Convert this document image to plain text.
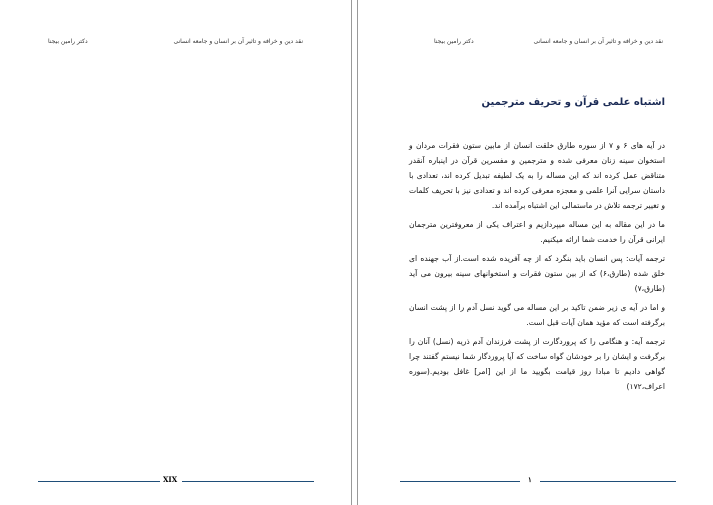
دکتر رامین بیجنا	نقد دین و خرافه و تاثیر آن بر انسان و جامعه انسانی
XIX
دکتر رامین بیجنا	نقد دین و خرافه و تاثیر آن بر انسان و جامعه انسانی
اشتباه علمی قرآن و تحریف مترجمین

در آیه های ۶ و ۷ از سوره طارق خلقت انسان از مابین ستون فقرات مردان و استخوان سینه زنان معرفی شده و مترجمین و مفسرین قرآن در اینباره آنقدر متناقض عمل کرده اند که این مساله را به یک لطیفه تبدیل کرده اند، تعدادی با داستان سرایی آنرا علمی و معجزه معرفی کرده اند و تعدادی نیز با تحریف کلمات و تغییر ترجمه تلاش در ماستمالی این اشتباه برآمده اند.

ما در این مقاله به این مساله میپردازیم و اعتراف یکی از معروفترین مترجمان ایرانی قرآن را خدمت شما ارائه میکنیم.

ترجمه آیات: پس انسان باید بنگرد که از چه آفریده شده است.از آب جهنده ای خلق شده (طارق،۶) که از بین ستون فقرات و استخوانهای سینه بیرون می آید (طارق،۷)

و اما در آیه ی زیر ضمن تاکید بر این مساله می گوید نسل آدم را از پشت انسان برگرفته است که مؤید همان آیات قبل است.

ترجمه آیه: و هنگامی را که پروردگارت از پشت فرزندان آدم ذریه (نسل) آنان را برگرفت و ایشان را بر خودشان گواه ساخت که آیا پروردگار شما نیستم گفتند چرا گواهی دادیم تا مبادا روز قیامت بگویید ما از این [امر] غافل بودیم.(سوره اعراف،۱۷۲)

۱
